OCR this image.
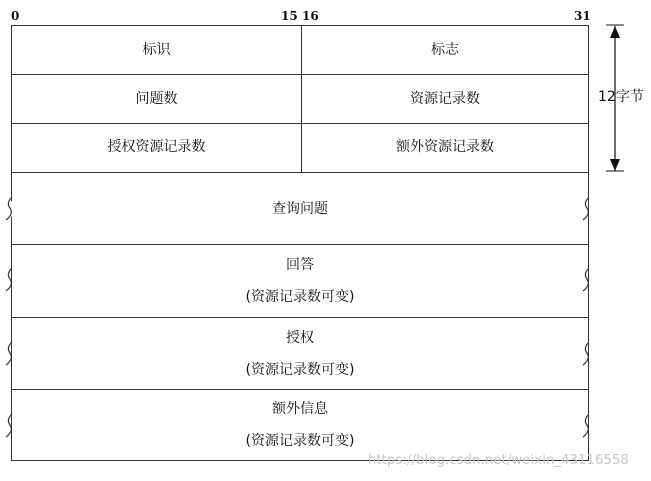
0	15 16	31
标识	标志
问题数	资源记录数
授权资源记录数	额外资源记录数
查询问题
回答
(资源记录数可变)
授权
(资源记录数可变)
额外信息
(资源记录数可变)
12字节
https://blog.csdn.net/weixin_43116558
